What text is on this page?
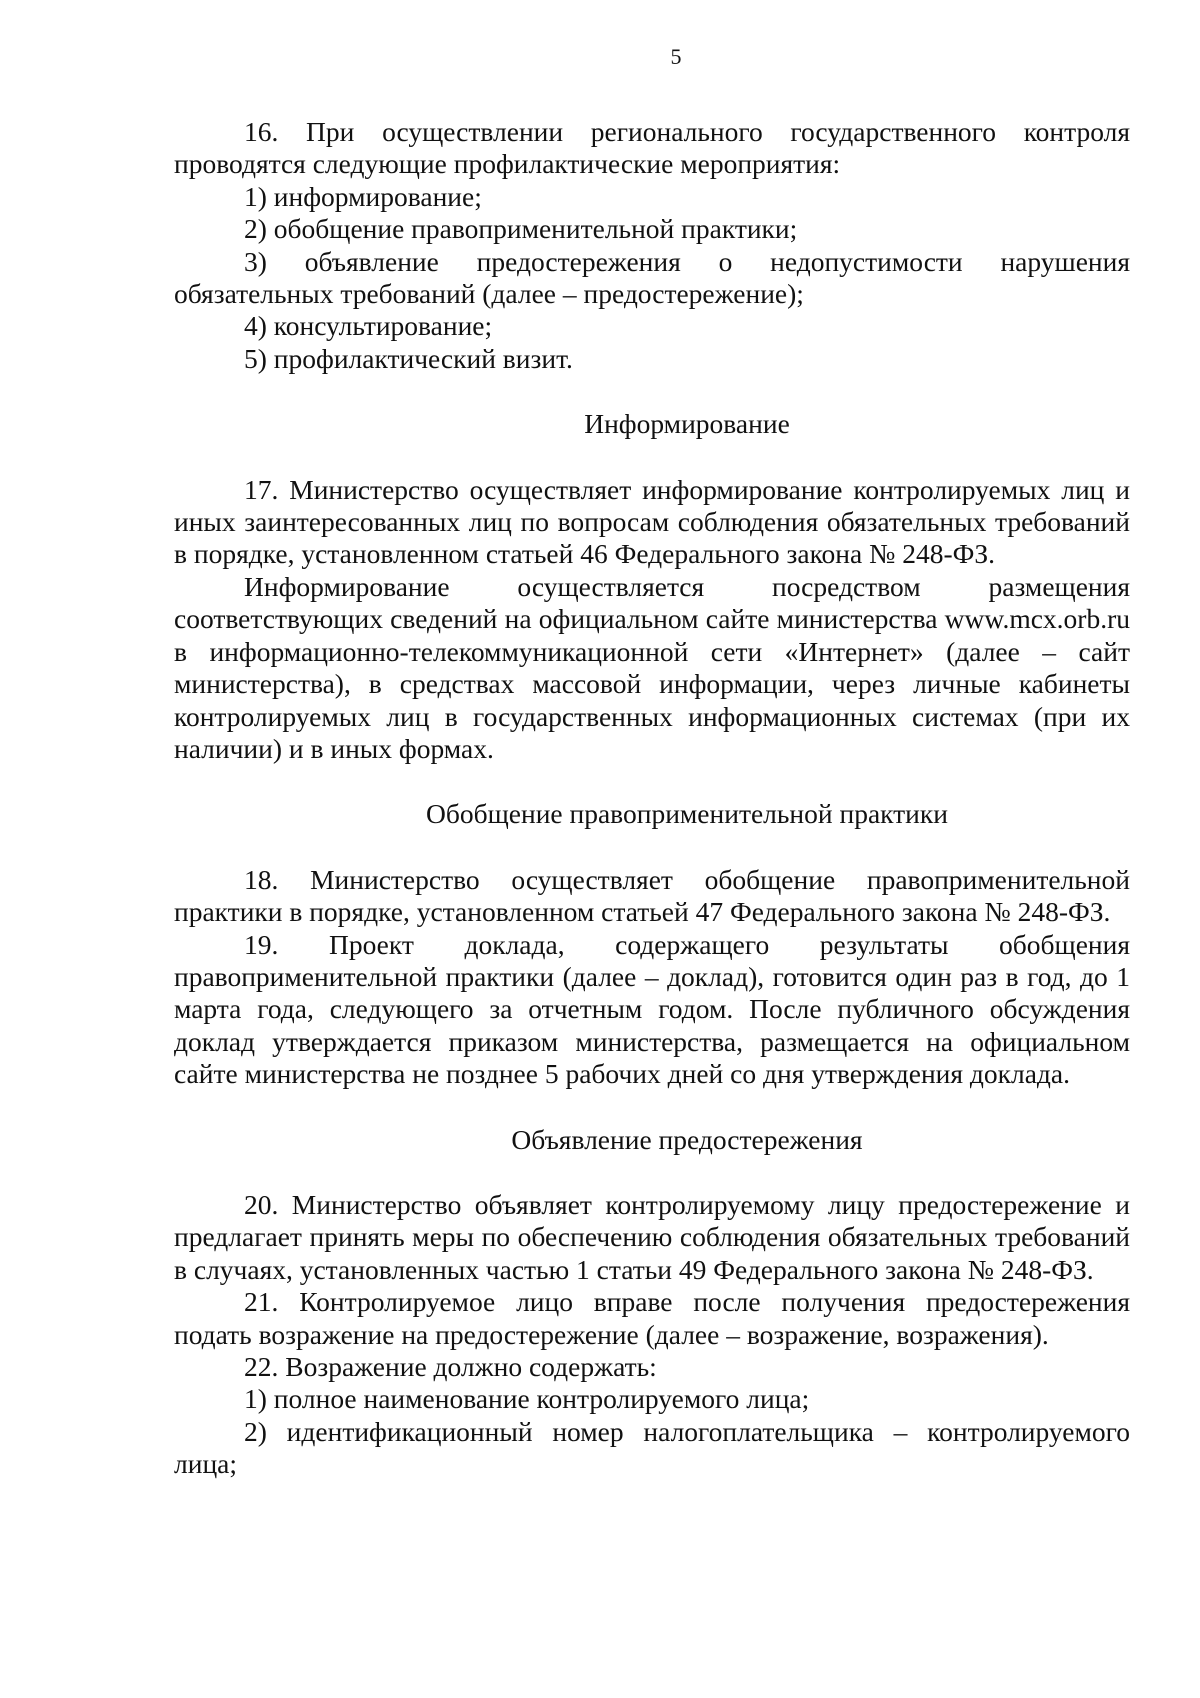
5

16. При осуществлении регионального государственного контроля проводятся следующие профилактические мероприятия:

1) информирование;

2) обобщение правоприменительной практики;

3) объявление предостережения о недопустимости нарушения обязательных требований (далее – предостережение);

4) консультирование;

5) профилактический визит.

Информирование

17. Министерство осуществляет информирование контролируемых лиц и иных заинтересованных лиц по вопросам соблюдения обязательных требований в порядке, установленном статьей 46 Федерального закона № 248-ФЗ.

Информирование осуществляется посредством размещения соответствующих сведений на официальном сайте министерства www.mcx.orb.ru в информационно-телекоммуникационной сети «Интернет» (далее – сайт министерства), в средствах массовой информации, через личные кабинеты контролируемых лиц в государственных информационных системах (при их наличии) и в иных формах.

Обобщение правоприменительной практики

18. Министерство осуществляет обобщение правоприменительной практики в порядке, установленном статьей 47 Федерального закона № 248-ФЗ.

19. Проект доклада, содержащего результаты обобщения правоприменительной практики (далее – доклад), готовится один раз в год, до 1 марта года, следующего за отчетным годом. После публичного обсуждения доклад утверждается приказом министерства, размещается на официальном сайте министерства не позднее 5 рабочих дней со дня утверждения доклада.

Объявление предостережения

20. Министерство объявляет контролируемому лицу предостережение и предлагает принять меры по обеспечению соблюдения обязательных требований в случаях, установленных частью 1 статьи 49 Федерального закона № 248-ФЗ.

21. Контролируемое лицо вправе после получения предостережения подать возражение на предостережение (далее – возражение, возражения).

22. Возражение должно содержать:

1) полное наименование контролируемого лица;

2) идентификационный номер налогоплательщика – контролируемого лица;
